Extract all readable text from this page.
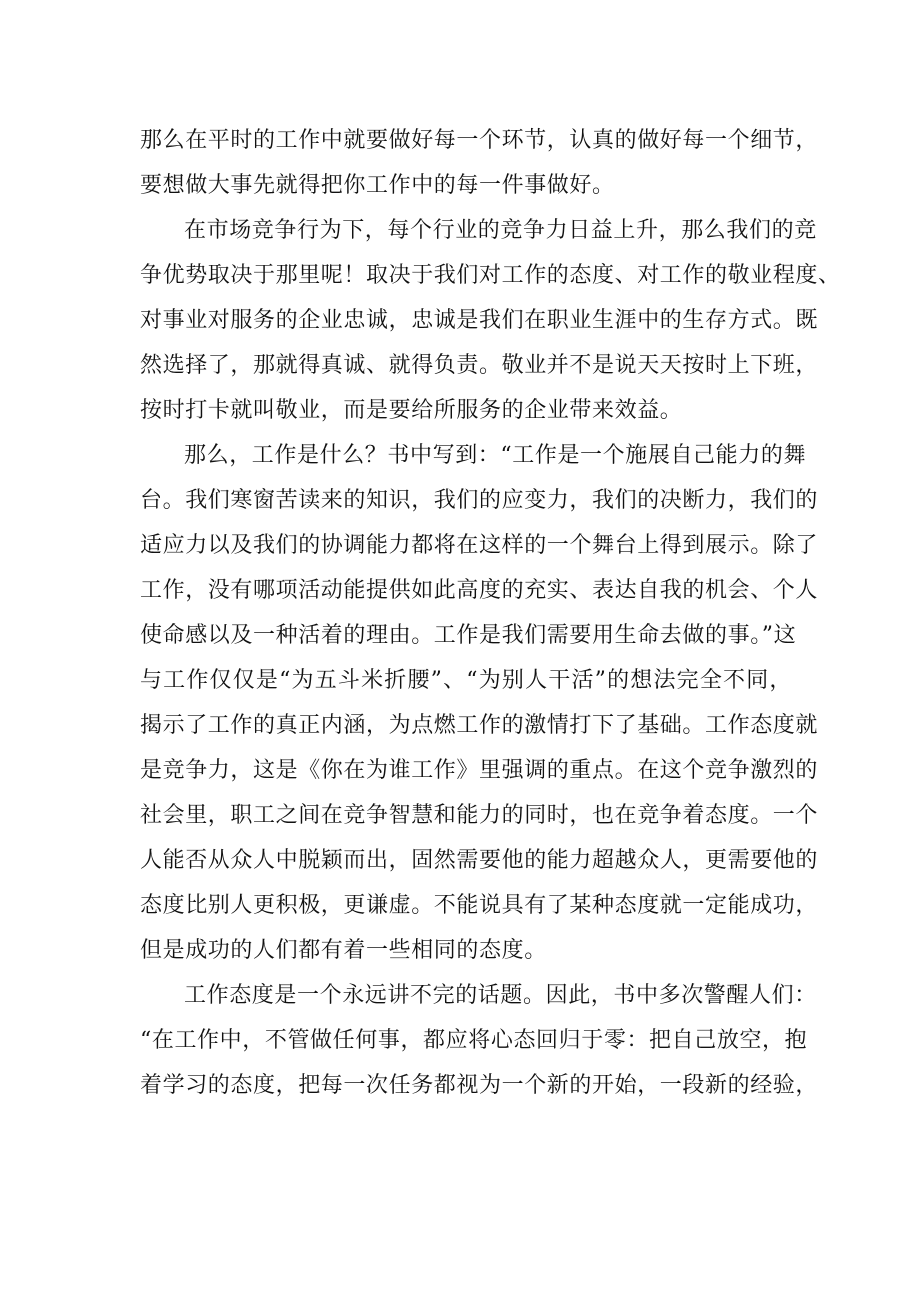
那么在平时的工作中就要做好每一个环节，认真的做好每一个细节，
要想做大事先就得把你工作中的每一件事做好。

在市场竞争行为下，每个行业的竞争力日益上升，那么我们的竞
争优势取决于那里呢！取决于我们对工作的态度、对工作的敬业程度、
对事业对服务的企业忠诚，忠诚是我们在职业生涯中的生存方式。既
然选择了，那就得真诚、就得负责。敬业并不是说天天按时上下班，
按时打卡就叫敬业，而是要给所服务的企业带来效益。

那么，工作是什么？书中写到：“工作是一个施展自己能力的舞
台。我们寒窗苦读来的知识，我们的应变力，我们的决断力，我们的
适应力以及我们的协调能力都将在这样的一个舞台上得到展示。除了
工作，没有哪项活动能提供如此高度的充实、表达自我的机会、个人
使命感以及一种活着的理由。工作是我们需要用生命去做的事。”这
与工作仅仅是“为五斗米折腰”、“为别人干活”的想法完全不同，
揭示了工作的真正内涵，为点燃工作的激情打下了基础。工作态度就
是竞争力，这是《你在为谁工作》里强调的重点。在这个竞争激烈的
社会里，职工之间在竞争智慧和能力的同时，也在竞争着态度。一个
人能否从众人中脱颖而出，固然需要他的能力超越众人，更需要他的
态度比别人更积极，更谦虚。不能说具有了某种态度就一定能成功，
但是成功的人们都有着一些相同的态度。

工作态度是一个永远讲不完的话题。因此，书中多次警醒人们：
“在工作中，不管做任何事，都应将心态回归于零：把自己放空，抱
着学习的态度，把每一次任务都视为一个新的开始，一段新的经验，
